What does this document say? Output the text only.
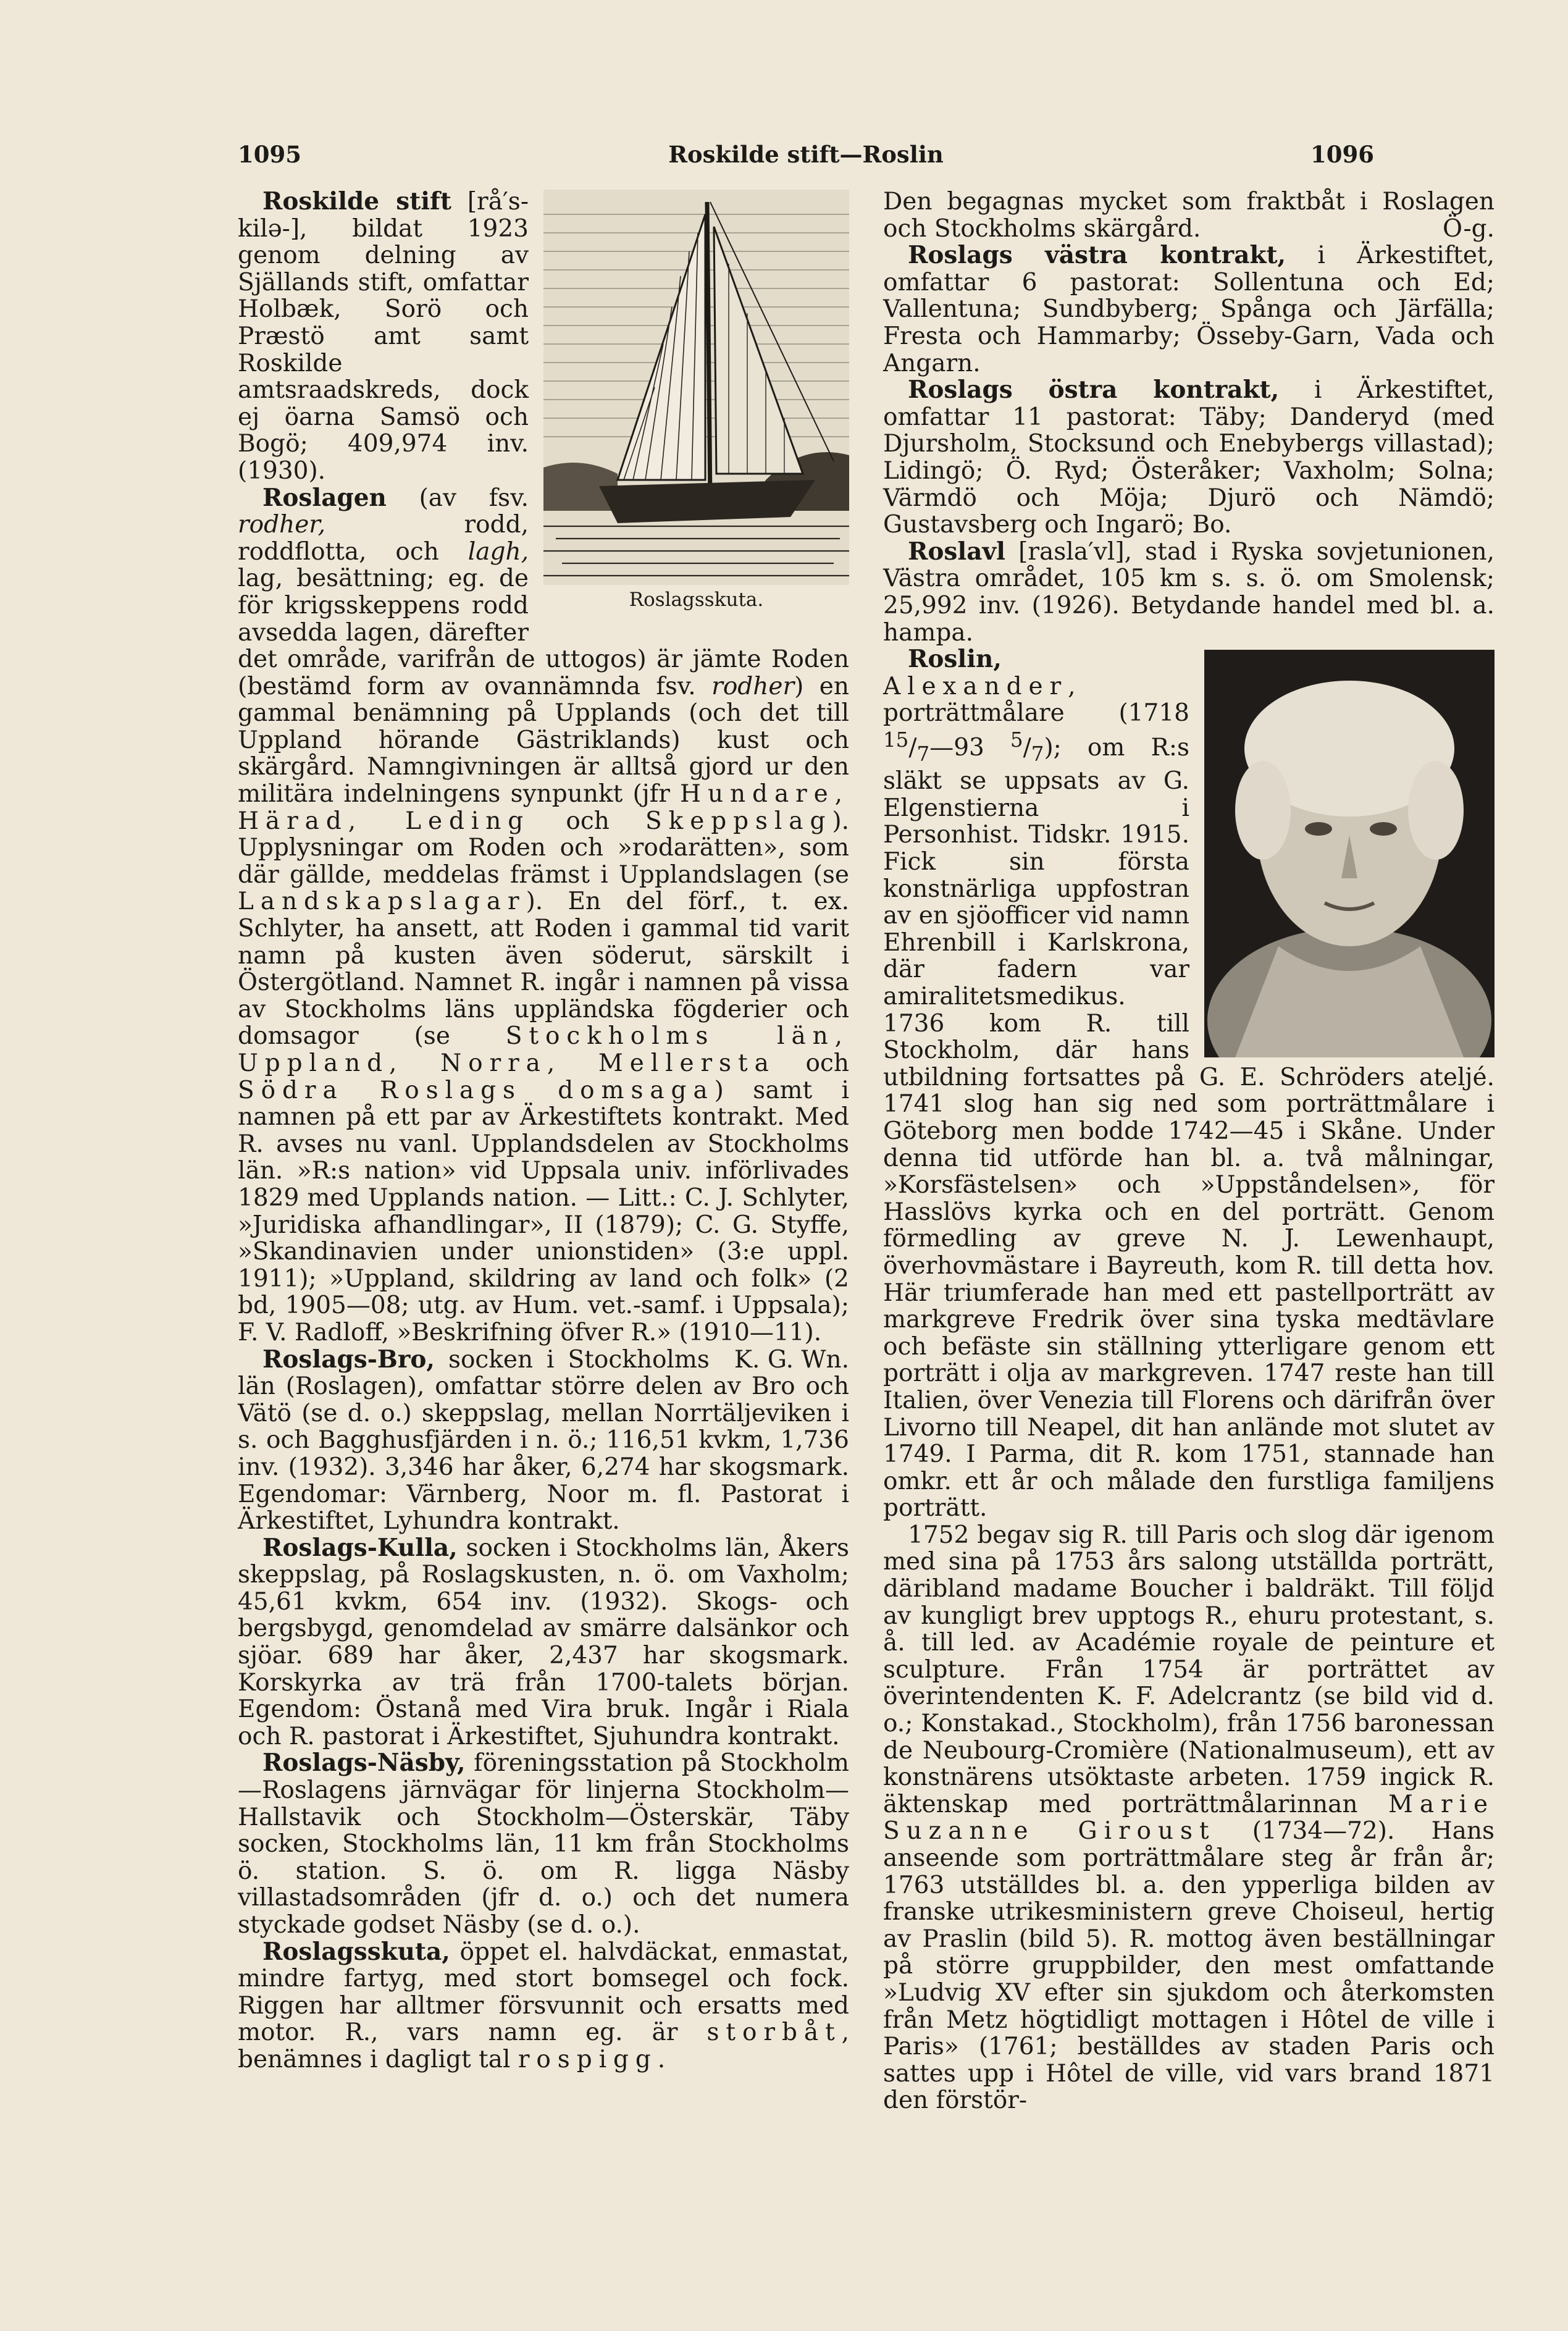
1095	Roskilde stift—Roslin	1096
Roslagsskuta.

Roskilde stift [rå′s-kilə-], bildat 1923 genom delning av Själlands stift, omfattar Holbæk, Sorö och Præstö amt samt Roskilde amtsraadskreds, dock ej öarna Samsö och Bogö; 409,974 inv. (1930).

Roslagen (av fsv. rodher, rodd, roddflotta, och lagh, lag, besättning; eg. de för krigsskeppens rodd avsedda lagen, därefter det område, varifrån de uttogos) är jämte Roden (bestämd form av ovannämnda fsv. rodher) en gammal benämning på Upplands (och det till Uppland hörande Gästriklands) kust och skärgård. Namngivningen är alltså gjord ur den militära indelningens synpunkt (jfr Hundare, Härad, Leding och Skeppslag). Upplysningar om Roden och »rodarätten», som där gällde, meddelas främst i Upplandslagen (se Landskapslagar). En del förf., t. ex. Schlyter, ha ansett, att Roden i gammal tid varit namn på kusten även söderut, särskilt i Östergötland. Namnet R. ingår i namnen på vissa av Stockholms läns uppländska fögderier och domsagor (se Stockholms län, Uppland, Norra, Mellersta och Södra Roslags domsaga) samt i namnen på ett par av Ärkestiftets kontrakt. Med R. avses nu vanl. Upplandsdelen av Stockholms län. »R:s nation» vid Uppsala univ. införlivades 1829 med Upplands nation. — Litt.: C. J. Schlyter, »Juridiska afhandlingar», II (1879); C. G. Styffe, »Skandinavien under unionstiden» (3:e uppl. 1911); »Uppland, skildring av land och folk» (2 bd, 1905—08; utg. av Hum. vet.-samf. i Uppsala); F. V. Radloff, »Beskrifning öfver R.» (1910—11).
K. G. Wn.

Roslags-Bro, socken i Stockholms län (Roslagen), omfattar större delen av Bro och Vätö (se d. o.) skeppslag, mellan Norrtäljeviken i s. och Bagghusfjärden i n. ö.; 116,51 kvkm, 1,736 inv. (1932). 3,346 har åker, 6,274 har skogsmark. Egendomar: Värnberg, Noor m. fl. Pastorat i Ärkestiftet, Lyhundra kontrakt.

Roslags-Kulla, socken i Stockholms län, Åkers skeppslag, på Roslagskusten, n. ö. om Vaxholm; 45,61 kvkm, 654 inv. (1932). Skogs- och bergsbygd, genomdelad av smärre dalsänkor och sjöar. 689 har åker, 2,437 har skogsmark. Korskyrka av trä från 1700-talets början. Egendom: Östanå med Vira bruk. Ingår i Riala och R. pastorat i Ärkestiftet, Sjuhundra kontrakt.

Roslags-Näsby, föreningsstation på Stockholm—Roslagens järnvägar för linjerna Stockholm—Hallstavik och Stockholm—Österskär, Täby socken, Stockholms län, 11 km från Stockholms ö. station. S. ö. om R. ligga Näsby villastadsområden (jfr d. o.) och det numera styckade godset Näsby (se d. o.).

Roslagsskuta, öppet el. halvdäckat, enmastat, mindre fartyg, med stort bomsegel och fock. Riggen har alltmer försvunnit och ersatts med motor. R., vars namn eg. är storbåt, benämnes i dagligt tal rospigg.

Den begagnas mycket som fraktbåt i Roslagen och Stockholms skärgård.	Ö-g.

Roslags västra kontrakt, i Ärkestiftet, omfattar 6 pastorat: Sollentuna och Ed; Vallentuna; Sundbyberg; Spånga och Järfälla; Fresta och Hammarby; Össeby-Garn, Vada och Angarn.

Roslags östra kontrakt, i Ärkestiftet, omfattar 11 pastorat: Täby; Danderyd (med Djursholm, Stocksund och Enebybergs villastad); Lidingö; Ö. Ryd; Österåker; Vaxholm; Solna; Värmdö och Möja; Djurö och Nämdö; Gustavsberg och Ingarö; Bo.

Roslavl [rasla′vl], stad i Ryska sovjetunionen, Västra området, 105 km s. s. ö. om Smolensk; 25,992 inv. (1926). Betydande handel med bl. a. hampa.

Roslin, Alexander, porträttmålare (1718 $^{15}/_7—93$ $^5/_7$); om R:s släkt se uppsats av G. Elgenstierna i Personhist. Tidskr. 1915. Fick sin första konstnärliga uppfostran av en sjöofficer vid namn Ehrenbill i Karlskrona, där fadern var amiralitetsmedikus. 1736 kom R. till Stockholm, där hans utbildning fortsattes på G. E. Schröders ateljé. 1741 slog han sig ned som porträttmålare i Göteborg men bodde 1742—45 i Skåne. Under denna tid utförde han bl. a. två målningar, »Korsfästelsen» och »Uppståndelsen», för Hasslövs kyrka och en del porträtt. Genom förmedling av greve N. J. Lewenhaupt, överhovmästare i Bayreuth, kom R. till detta hov. Här triumferade han med ett pastellporträtt av markgreve Fredrik över sina tyska medtävlare och befäste sin ställning ytterligare genom ett porträtt i olja av markgreven. 1747 reste han till Italien, över Venezia till Florens och därifrån över Livorno till Neapel, dit han anlände mot slutet av 1749. I Parma, dit R. kom 1751, stannade han omkr. ett år och målade den furstliga familjens porträtt.

1752 begav sig R. till Paris och slog där igenom med sina på 1753 års salong utställda porträtt, däribland madame Boucher i baldräkt. Till följd av kungligt brev upptogs R., ehuru protestant, s. å. till led. av Académie royale de peinture et sculpture. Från 1754 är porträttet av överintendenten K. F. Adelcrantz (se bild vid d. o.; Konstakad., Stockholm), från 1756 baronessan de Neubourg-Cromière (Nationalmuseum), ett av konstnärens utsöktaste arbeten. 1759 ingick R. äktenskap med porträttmålarinnan Marie Suzanne Giroust (1734—72). Hans anseende som porträttmålare steg år från år; 1763 utställdes bl. a. den ypperliga bilden av franske utrikesministern greve Choiseul, hertig av Praslin (bild 5). R. mottog även beställningar på större gruppbilder, den mest omfattande »Ludvig XV efter sin sjukdom och återkomsten från Metz högtidligt mottagen i Hôtel de ville i Paris» (1761; beställdes av staden Paris och sattes upp i Hôtel de ville, vid vars brand 1871 den förstör-
